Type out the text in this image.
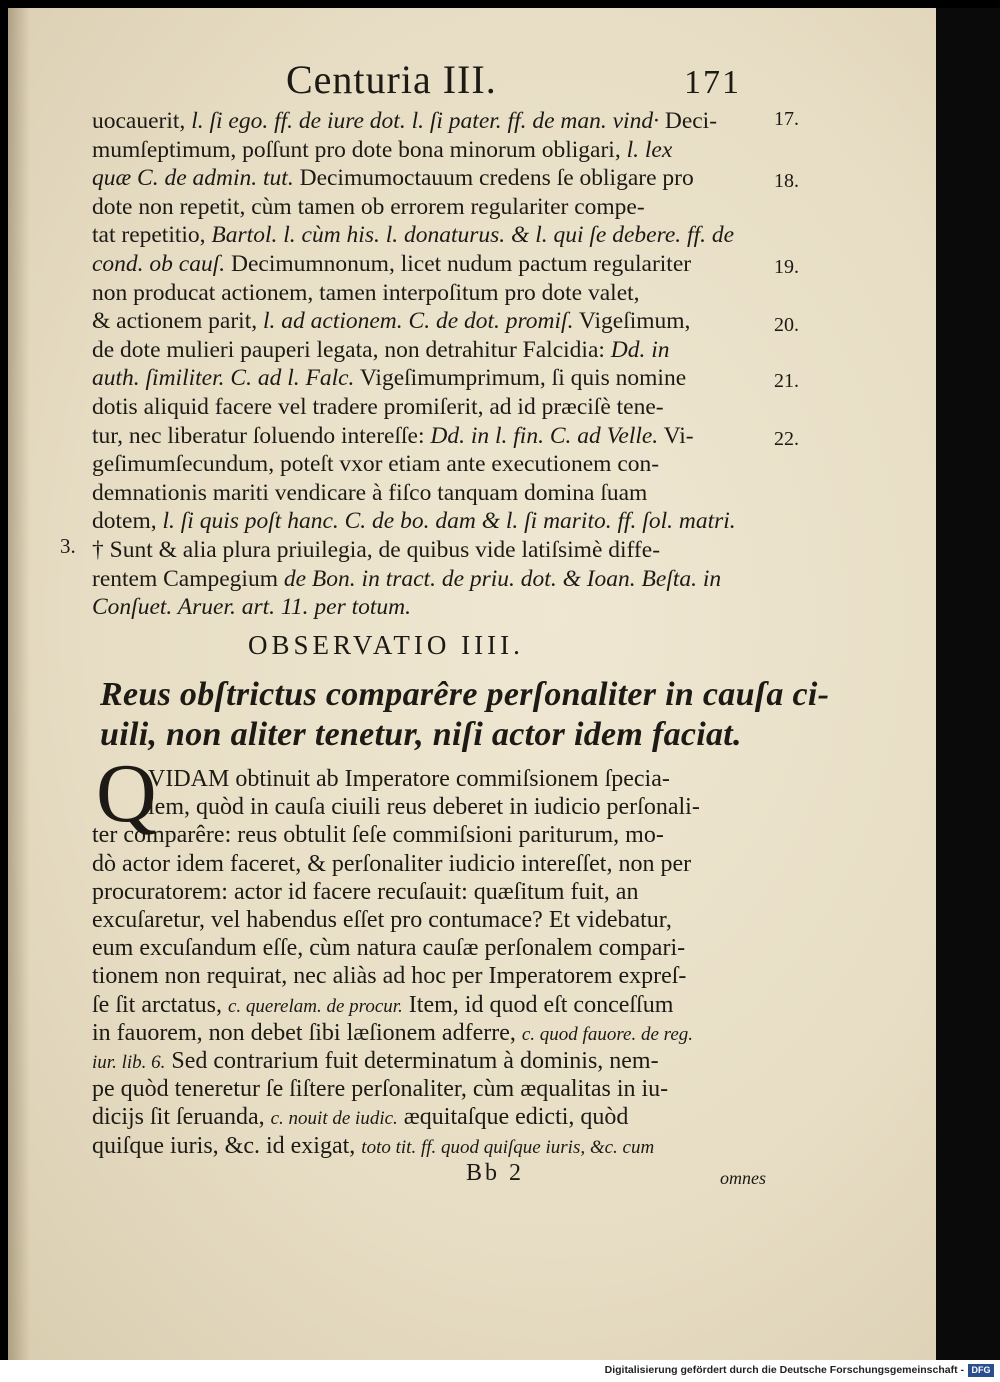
Centuria III.	171
uocauerit, l. ſi ego. ff. de iure dot. l. ſi pater. ff. de man. vind· Deci-
mumſeptimum, poſſunt pro dote bona minorum obligari, l. lex
quæ C. de admin. tut. Decimumoctauum credens ſe obligare pro
dote non repetit, cùm tamen ob errorem regulariter compe-
tat repetitio, Bartol. l. cùm his. l. donaturus. & l. qui ſe debere. ff. de
cond. ob cauſ. Decimumnonum, licet nudum pactum regulariter
non producat actionem, tamen interpoſitum pro dote valet,
& actionem parit, l. ad actionem. C. de dot. promiſ. Vigeſimum,
de dote mulieri pauperi legata, non detrahitur Falcidia: Dd. in
auth. ſimiliter. C. ad l. Falc. Vigeſimumprimum, ſi quis nomine
dotis aliquid facere vel tradere promiſerit, ad id præciſè tene-
tur, nec liberatur ſoluendo intereſſe: Dd. in l. fin. C. ad Velle. Vi-
geſimumſecundum, poteſt vxor etiam ante executionem con-
demnationis mariti vendicare à fiſco tanquam domina ſuam
dotem, l. ſi quis poſt hanc. C. de bo. dam & l. ſi marito. ff. ſol. matri.
† Sunt & alia plura priuilegia, de quibus vide latiſsimè diffe-
rentem Campegium de Bon. in tract. de priu. dot. & Ioan. Beſta. in
Conſuet. Aruer. art. 11. per totum.
17.
18.
19.
20.
21.
22.
3.
OBSERVATIO IIII.
Reus obſtrictus comparêre perſonaliter in cauſa ci-
uili, non aliter tenetur, niſi actor idem faciat.
Q
VIDAM obtinuit ab Imperatore commiſsionem ſpecia-
lem, quòd in cauſa ciuili reus deberet in iudicio perſonali-
ter comparêre: reus obtulit ſeſe commiſsioni pariturum, mo-
dò actor idem faceret, & perſonaliter iudicio intereſſet, non per
procuratorem: actor id facere recuſauit: quæſitum fuit, an
excuſaretur, vel habendus eſſet pro contumace? Et videbatur,
eum excuſandum eſſe, cùm natura cauſæ perſonalem compari-
tionem non requirat, nec aliàs ad hoc per Imperatorem expreſ-
ſe ſit arctatus, c. querelam. de procur. Item, id quod eſt conceſſum
in fauorem, non debet ſibi læſionem adferre, c. quod fauore. de reg.
iur. lib. 6. Sed contrarium fuit determinatum à dominis, nem-
pe quòd teneretur ſe ſiſtere perſonaliter, cùm æqualitas in iu-
dicijs ſit ſeruanda, c. nouit de iudic. æquitaſque edicti, quòd
quiſque iuris, &c. id exigat, toto tit. ff. quod quiſque iuris, &c. cum
Bb 2	omnes
Digitalisierung gefördert durch die Deutsche Forschungsgemeinschaft - DFG
